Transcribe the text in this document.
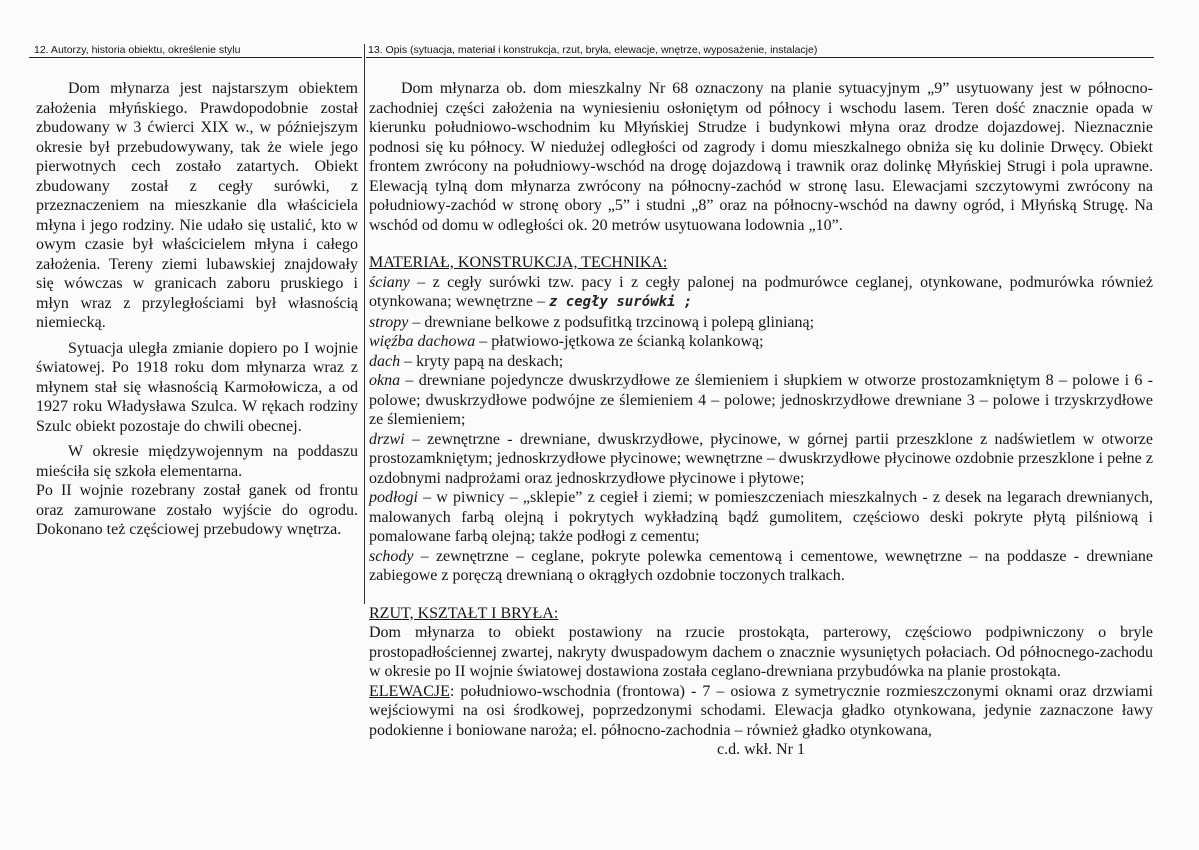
12. Autorzy, historia obiektu, określenie stylu	13. Opis (sytuacja, materiał i konstrukcja, rzut, bryła, elewacje, wnętrze, wyposażenie, instalacje)

Dom młynarza jest najstarszym obiektem założenia młyńskiego. Prawdopodobnie został zbudowany w 3 ćwierci XIX w., w późniejszym okresie był przebudowywany, tak że wiele jego pierwotnych cech zostało zatartych. Obiekt zbudowany został z cegły surówki, z przeznaczeniem na mieszkanie dla właściciela młyna i jego rodziny. Nie udało się ustalić, kto w owym czasie był właścicielem młyna i całego założenia. Tereny ziemi lubawskiej znajdowały się wówczas w granicach zaboru pruskiego i młyn wraz z przyległościami był własnością niemiecką.

Sytuacja uległa zmianie dopiero po I wojnie światowej. Po 1918 roku dom młynarza wraz z młynem stał się własnością Karmołowicza, a od 1927 roku Władysława Szulca. W rękach rodziny Szulc obiekt pozostaje do chwili obecnej.

W okresie międzywojennym na poddaszu mieściła się szkoła elementarna.

Po II wojnie rozebrany został ganek od frontu oraz zamurowane zostało wyjście do ogrodu. Dokonano też częściowej przebudowy wnętrza.

Dom młynarza ob. dom mieszkalny Nr 68 oznaczony na planie sytuacyjnym „9” usytuowany jest w północno-zachodniej części założenia na wyniesieniu osłoniętym od północy i wschodu lasem. Teren dość znacznie opada w kierunku południowo-wschodnim ku Młyńskiej Strudze i budynkowi młyna oraz drodze dojazdowej. Nieznacznie podnosi się ku północy. W niedużej odległości od zagrody i domu mieszkalnego obniża się ku dolinie Drwęcy. Obiekt frontem zwrócony na południowy-wschód na drogę dojazdową i trawnik oraz dolinkę Młyńskiej Strugi i pola uprawne. Elewacją tylną dom młynarza zwrócony na północny-zachód w stronę lasu. Elewacjami szczytowymi zwrócony na południowy-zachód w stronę obory „5” i studni „8” oraz na północny-wschód na dawny ogród, i Młyńską Strugę. Na wschód od domu w odległości ok. 20 metrów usytuowana lodownia „10”.

MATERIAŁ, KONSTRUKCJA, TECHNIKA:

ściany – z cegły surówki tzw. pacy i z cegły palonej na podmurówce ceglanej, otynkowane, podmurówka również otynkowana; wewnętrzne – z cegły surówki ;

stropy – drewniane belkowe z podsufitką trzcinową i polepą glinianą;

więźba dachowa – płatwiowo-jętkowa ze ścianką kolankową;

dach – kryty papą na deskach;

okna – drewniane pojedyncze dwuskrzydłowe ze ślemieniem i słupkiem w otworze prostozamkniętym 8 – polowe i 6 - polowe; dwuskrzydłowe podwójne ze ślemieniem 4 – polowe; jednoskrzydłowe drewniane 3 – polowe i trzyskrzydłowe ze ślemieniem;

drzwi – zewnętrzne - drewniane, dwuskrzydłowe, płycinowe, w górnej partii przeszklone z nadświetlem w otworze prostozamkniętym; jednoskrzydłowe płycinowe; wewnętrzne – dwuskrzydłowe płycinowe ozdobnie przeszklone i pełne z ozdobnymi nadprożami oraz jednoskrzydłowe płycinowe i płytowe;

podłogi – w piwnicy – „sklepie” z cegieł i ziemi; w pomieszczeniach mieszkalnych - z desek na legarach drewnianych, malowanych farbą olejną i pokrytych wykładziną bądź gumolitem, częściowo deski pokryte płytą pilśniową i pomalowane farbą olejną; także podłogi z cementu;

schody – zewnętrzne – ceglane, pokryte polewka cementową i cementowe, wewnętrzne – na poddasze - drewniane zabiegowe z poręczą drewnianą o okrągłych ozdobnie toczonych tralkach.

RZUT, KSZTAŁT I BRYŁA:

Dom młynarza to obiekt postawiony na rzucie prostokąta, parterowy, częściowo podpiwniczony o bryle prostopadłościennej zwartej, nakryty dwuspadowym dachem o znacznie wysuniętych połaciach. Od północnego-zachodu w okresie po II wojnie światowej dostawiona została ceglano-drewniana przybudówka na planie prostokąta.

ELEWACJE: południowo-wschodnia (frontowa) - 7 – osiowa z symetrycznie rozmieszczonymi oknami oraz drzwiami wejściowymi na osi środkowej, poprzedzonymi schodami. Elewacja gładko otynkowana, jedynie zaznaczone ławy podokienne i boniowane naroża; el. północno-zachodnia – również gładko otynkowana,

c.d. wkł. Nr 1
